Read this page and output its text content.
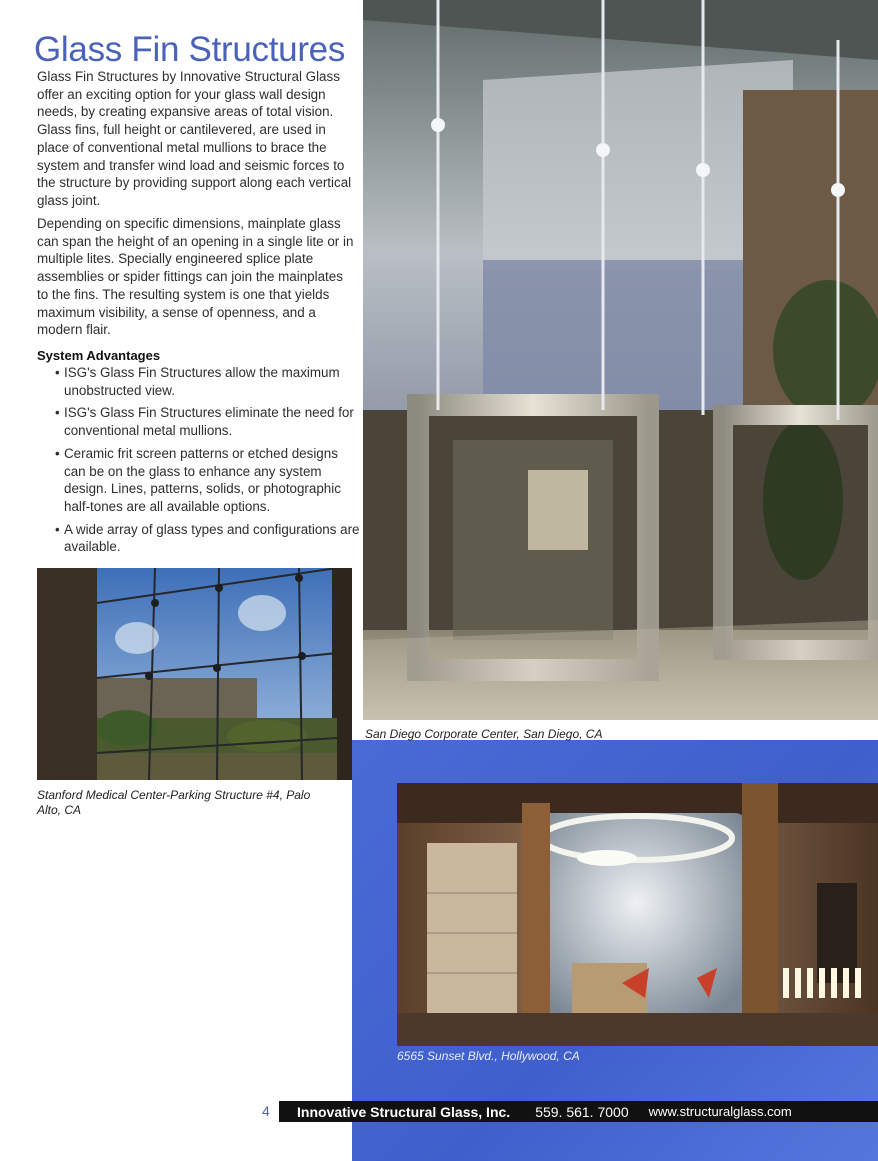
Glass Fin Structures

Glass Fin Structures by Innovative Structural Glass offer an exciting option for your glass wall design needs, by creating expansive areas of total vision. Glass fins, full height or cantilevered, are used in place of conventional metal mullions to brace the system and transfer wind load and seismic forces to the structure by providing support along each vertical glass joint.

Depending on specific dimensions, mainplate glass can span the height of an opening in a single lite or in multiple lites. Specially engineered splice plate assemblies or spider fittings can join the mainplates to the fins. The resulting system is one that yields maximum visibility, a sense of openness, and a modern flair.

System Advantages
• ISG's Glass Fin Structures allow the maximum unobstructed view.
• ISG's Glass Fin Structures eliminate the need for conventional metal mullions.
• Ceramic frit screen patterns or etched designs can be on the glass to enhance any system design. Lines, patterns, solids, or photographic half-tones are all available options.
• A wide array of glass types and configurations are available.

San Diego Corporate Center, San Diego, CA

Stanford Medical Center-Parking Structure #4, Palo Alto, CA

6565 Sunset Blvd., Hollywood, CA

4 Innovative Structural Glass, Inc. 559. 561. 7000 www.structuralglass.com
